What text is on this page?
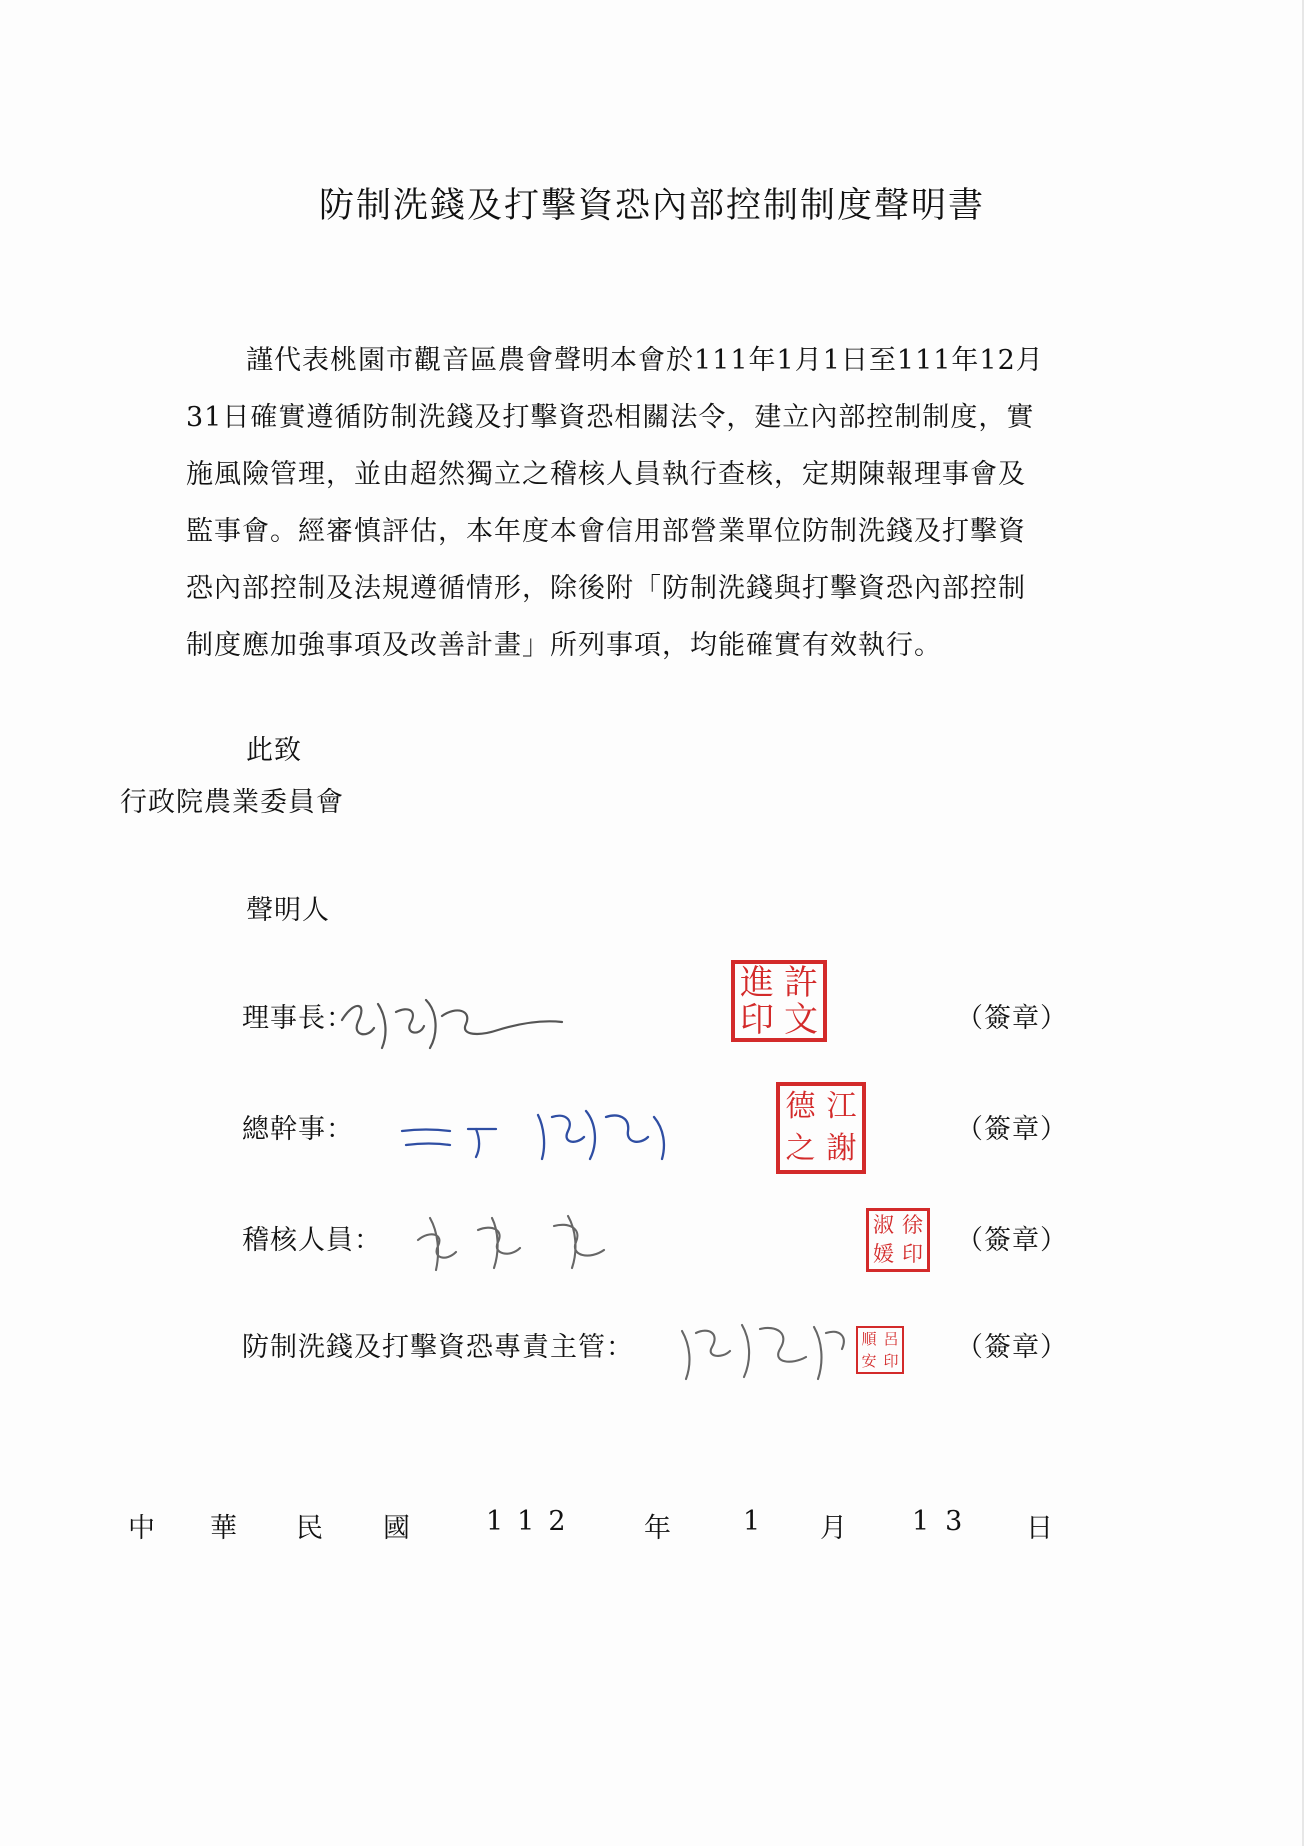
防制洗錢及打擊資恐內部控制制度聲明書
謹代表桃園市觀音區農會聲明本會於111年1月1日至111年12月
31日確實遵循防制洗錢及打擊資恐相關法令，建立內部控制制度，實
施風險管理，並由超然獨立之稽核人員執行查核，定期陳報理事會及
監事會。經審慎評估，本年度本會信用部營業單位防制洗錢及打擊資
恐內部控制及法規遵循情形，除後附「防制洗錢與打擊資恐內部控制
制度應加強事項及改善計畫」所列事項，均能確實有效執行。
此致
行政院農業委員會
聲明人
理事長：	（簽章）
進 許
印 文
總幹事：	（簽章）
德 江
之 謝
稽核人員：	（簽章）
淑 徐
媛 印
防制洗錢及打擊資恐專責主管：	（簽章）
順 呂
安 印
中 華 民 國	112 年	1 月 13 日
